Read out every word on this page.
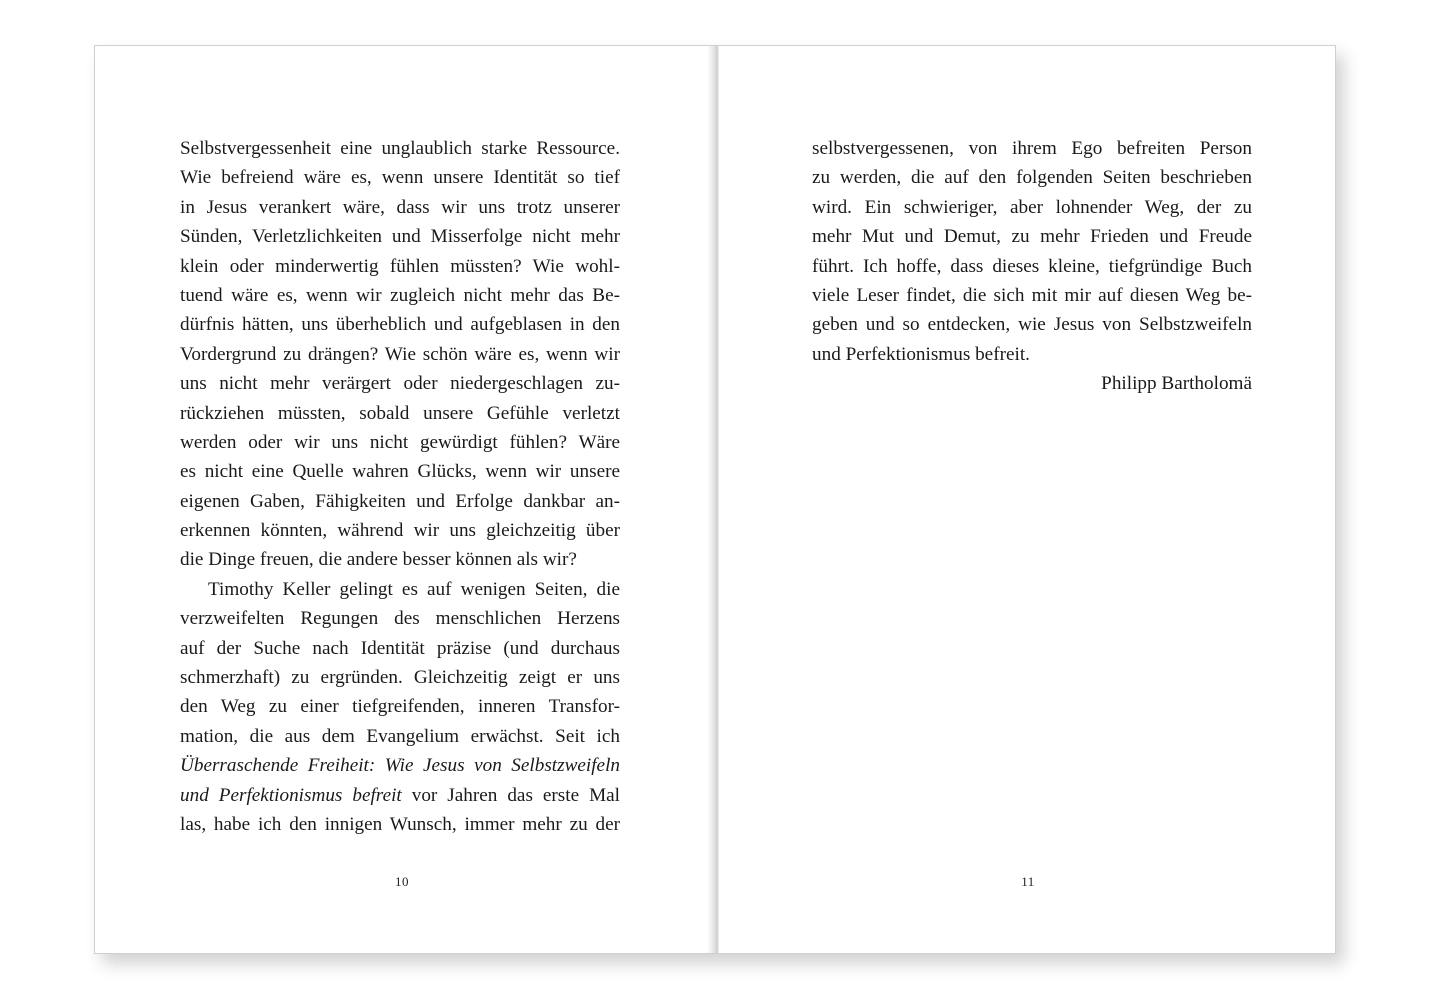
Selbstvergessenheit eine unglaublich starke Ressource.
Wie befreiend wäre es, wenn unsere Identität so tief
in Jesus verankert wäre, dass wir uns trotz unserer
Sünden, Verletzlichkeiten und Misserfolge nicht mehr
klein oder minderwertig fühlen müssten? Wie wohl-
tuend wäre es, wenn wir zugleich nicht mehr das Be-
dürfnis hätten, uns überheblich und aufgeblasen in den
Vordergrund zu drängen? Wie schön wäre es, wenn wir
uns nicht mehr verärgert oder niedergeschlagen zu-
rückziehen müssten, sobald unsere Gefühle verletzt
werden oder wir uns nicht gewürdigt fühlen? Wäre
es nicht eine Quelle wahren Glücks, wenn wir unsere
eigenen Gaben, Fähigkeiten und Erfolge dankbar an-
erkennen könnten, während wir uns gleichzeitig über
die Dinge freuen, die andere besser können als wir?
Timothy Keller gelingt es auf wenigen Seiten, die
verzweifelten Regungen des menschlichen Herzens
auf der Suche nach Identität präzise (und durchaus
schmerzhaft) zu ergründen. Gleichzeitig zeigt er uns
den Weg zu einer tiefgreifenden, inneren Transfor-
mation, die aus dem Evangelium erwächst. Seit ich
Überraschende Freiheit: Wie Jesus von Selbstzweifeln
und Perfektionismus befreit vor Jahren das erste Mal
las, habe ich den innigen Wunsch, immer mehr zu der
10
selbstvergessenen, von ihrem Ego befreiten Person
zu werden, die auf den folgenden Seiten beschrieben
wird. Ein schwieriger, aber lohnender Weg, der zu
mehr Mut und Demut, zu mehr Frieden und Freude
führt. Ich hoffe, dass dieses kleine, tiefgründige Buch
viele Leser findet, die sich mit mir auf diesen Weg be-
geben und so entdecken, wie Jesus von Selbstzweifeln
und Perfektionismus befreit.
Philipp Bartholomä
11
